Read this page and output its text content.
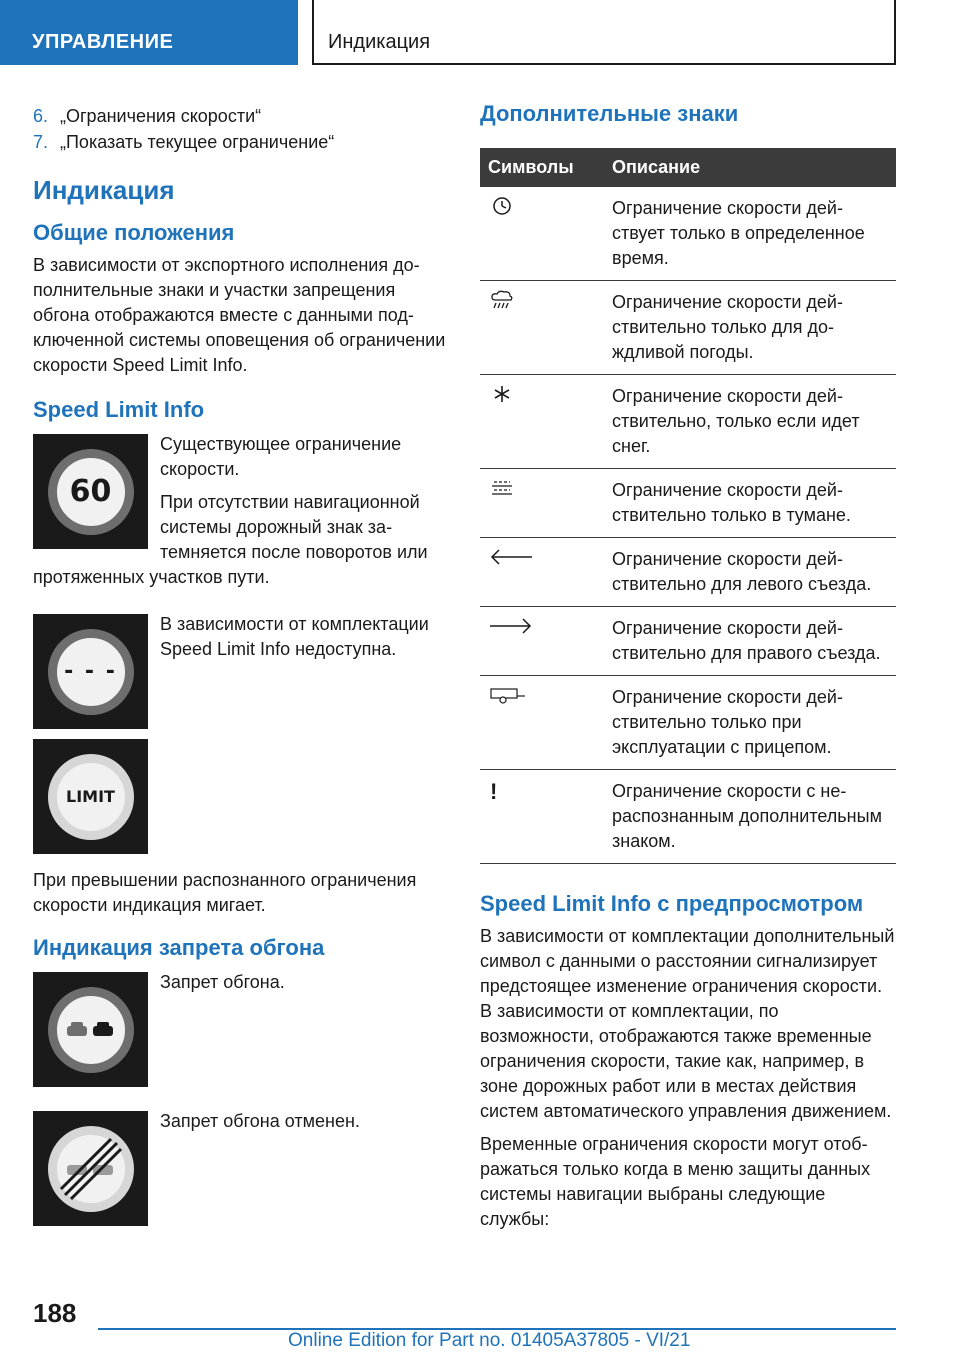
УПРАВЛЕНИЕ	Индикация
6. „Ограничения скорости“
7. „Показать текущее ограничение“
Индикация
Общие положения

В зависимости от экспортного исполнения дополнительные знаки и участки запрещения обгона отображаются вместе с данными подключенной системы оповещения об ограничении скорости Speed Limit Info.

Speed Limit Info
60

Существующее ограничение скорости.

При отсутствии навигационной системы дорожный знак затемняется после поворотов или протяженных участков пути.

- - -

В зависимости от комплектации Speed Limit Info недоступна.

LIMIT

При превышении распознанного ограничения скорости индикация мигает.

Индикация запрета обгона

Запрет обгона.

Запрет обгона отменен.

Дополнительные знаки
Символы	Описание
	Ограничение скорости действует только в определенное время.
	Ограничение скорости действительно только для дождливой погоды.
	Ограничение скорости действительно, только если идет снег.
	Ограничение скорости действительно только в тумане.
	Ограничение скорости действительно для левого съезда.
	Ограничение скорости действительно для правого съезда.
	Ограничение скорости действительно только при эксплуатации с прицепом.
!	Ограничение скорости с нераспознанным дополнительным знаком.
Speed Limit Info с предпросмотром

В зависимости от комплектации дополнительный символ с данными о расстоянии сигнализирует предстоящее изменение ограничения скорости. В зависимости от комплектации, по возможности, отображаются также временные ограничения скорости, такие как, например, в зоне дорожных работ или в местах действия систем автоматического управления движением.

Временные ограничения скорости могут отображаться только когда в меню защиты данных системы навигации выбраны следующие службы:

188
Online Edition for Part no. 01405A37805 - VI/21
